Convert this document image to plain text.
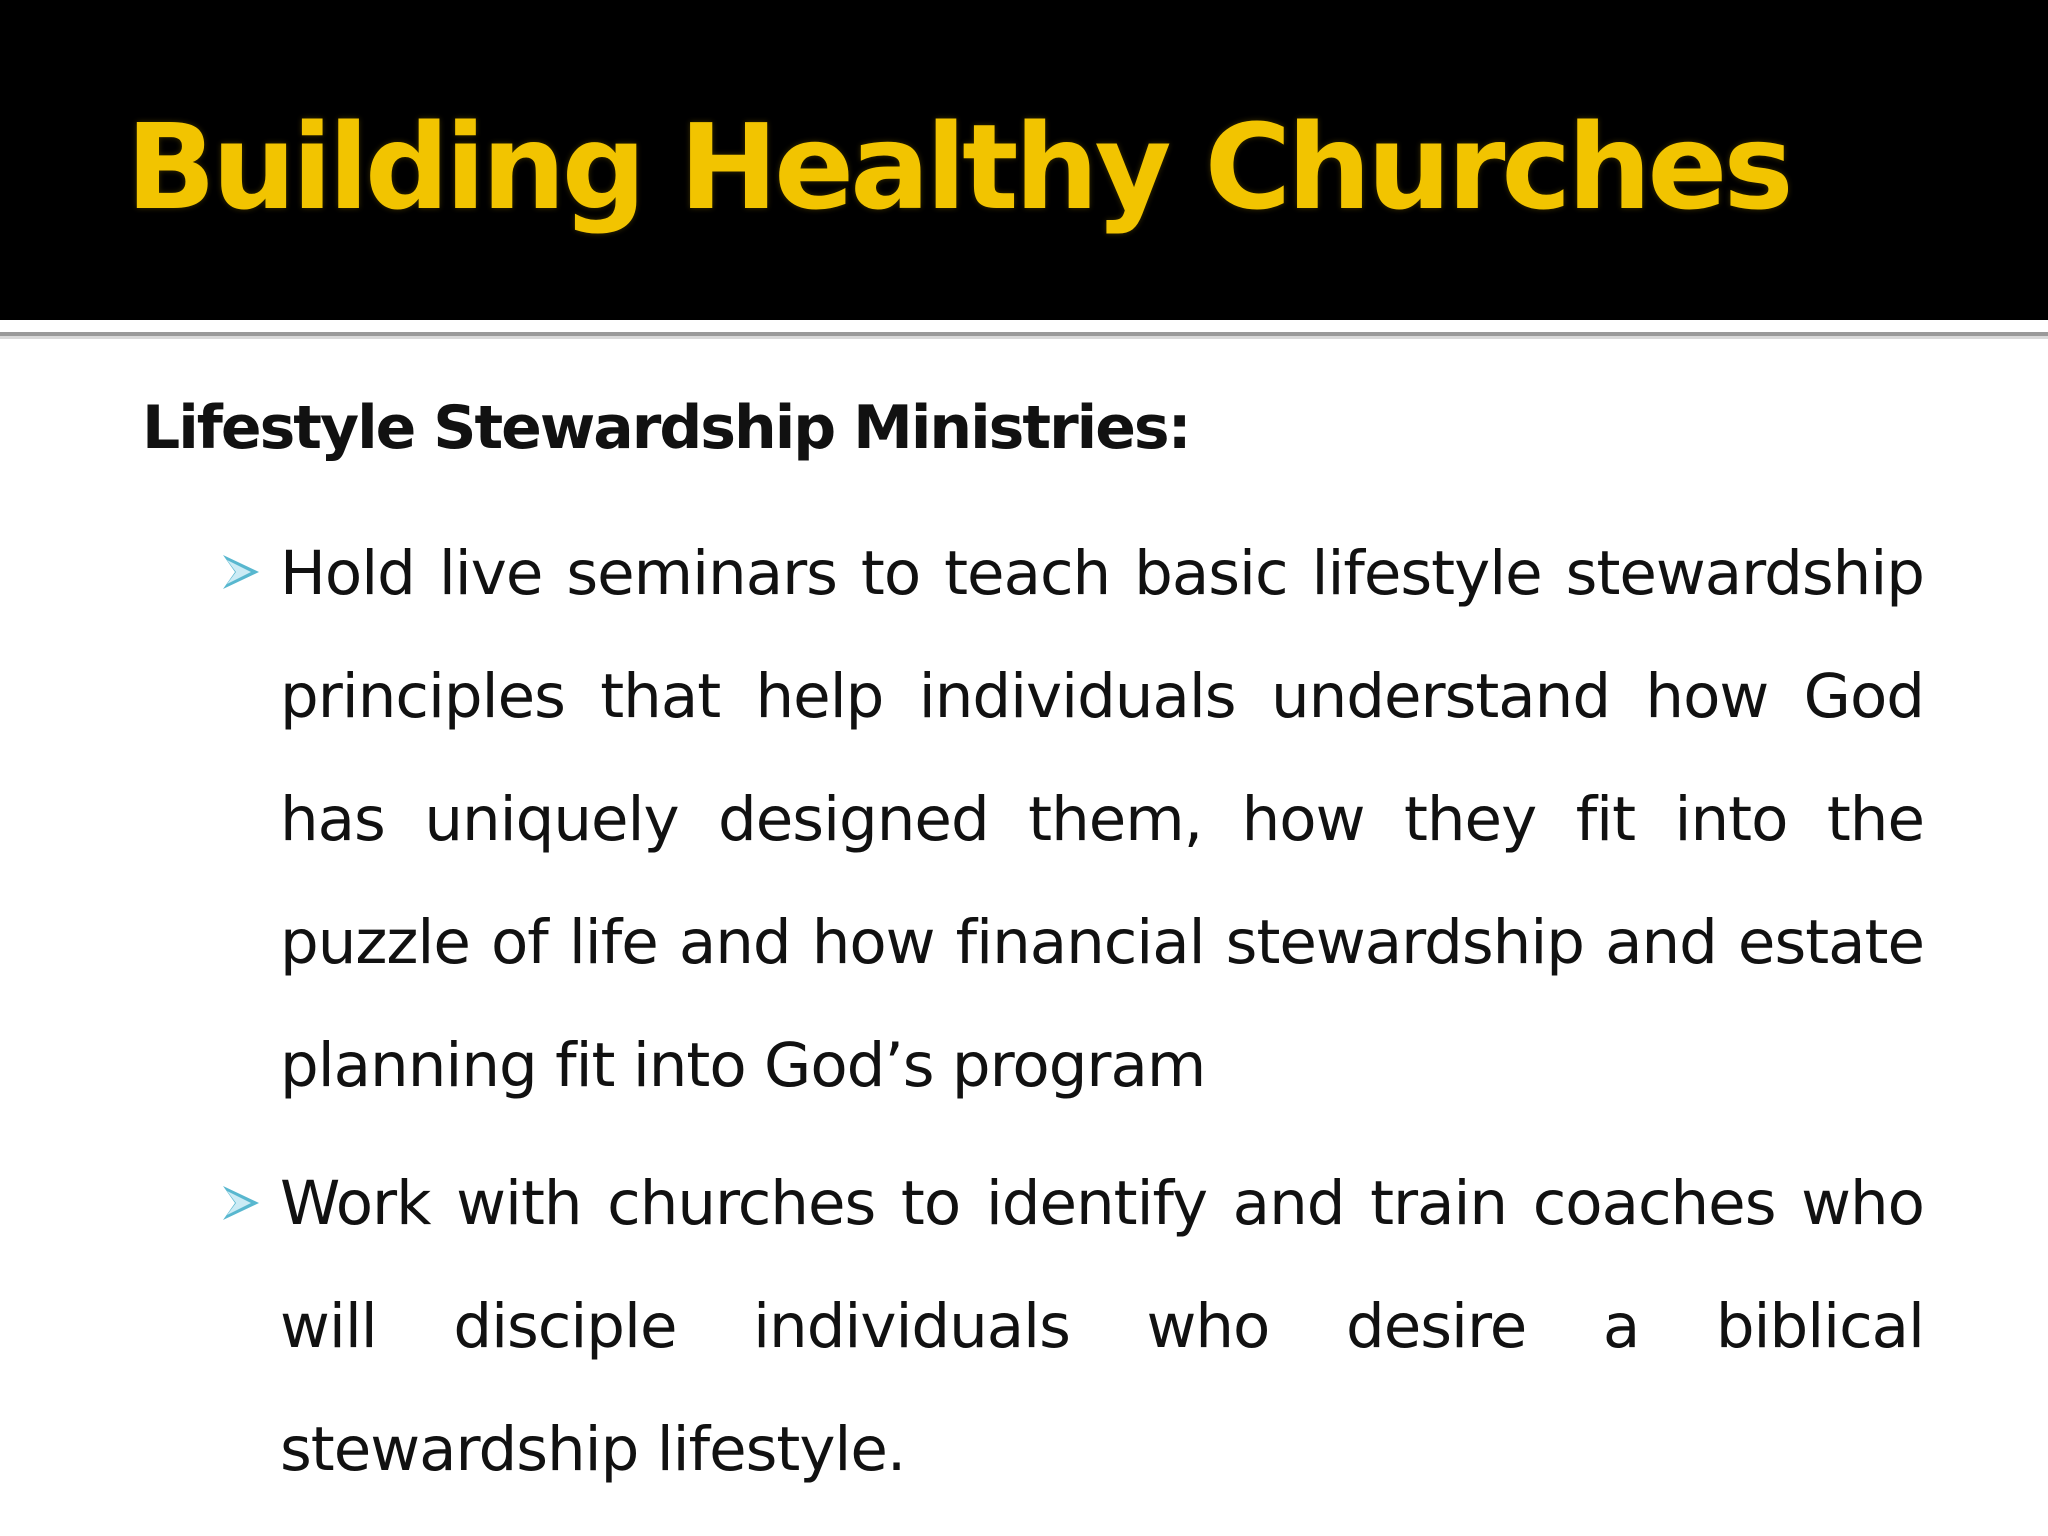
Building Healthy Churches
Lifestyle Stewardship Ministries:

Hold live seminars to teach basic lifestyle stewardship principles that help individuals understand how God has uniquely designed them, how they fit into the puzzle of life and how financial stewardship and estate planning fit into God’s program

Work with churches to identify and train coaches who will disciple individuals who desire a biblical stewardship lifestyle.
